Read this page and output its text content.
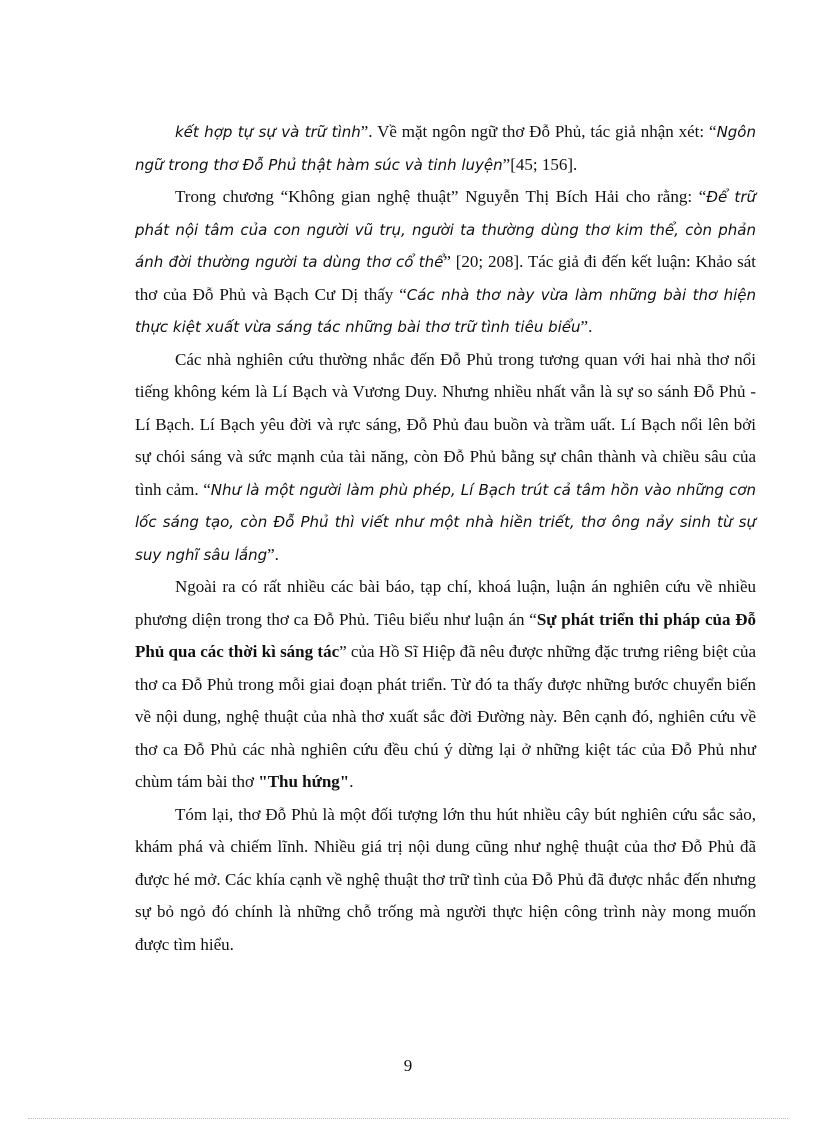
kết hợp tự sự và trữ tình”. Về mặt ngôn ngữ thơ Đỗ Phủ, tác giả nhận xét: “Ngôn ngữ trong thơ Đỗ Phủ thật hàm súc và tinh luyện”[45; 156].

Trong chương “Không gian nghệ thuật” Nguyễn Thị Bích Hải cho rằng: “Để trữ phát nội tâm của con người vũ trụ, người ta thường dùng thơ kim thể, còn phản ánh đời thường người ta dùng thơ cổ thể” [20; 208]. Tác giả đi đến kết luận: Khảo sát thơ của Đỗ Phủ và Bạch Cư Dị thấy “Các nhà thơ này vừa làm những bài thơ hiện thực kiệt xuất vừa sáng tác những bài thơ trữ tình tiêu biểu”.

Các nhà nghiên cứu thường nhắc đến Đỗ Phủ trong tương quan với hai nhà thơ nổi tiếng không kém là Lí Bạch và Vương Duy. Nhưng nhiều nhất vẫn là sự so sánh Đỗ Phủ - Lí Bạch. Lí Bạch yêu đời và rực sáng, Đỗ Phủ đau buồn và trầm uất. Lí Bạch nổi lên bởi sự chói sáng và sức mạnh của tài năng, còn Đỗ Phủ bằng sự chân thành và chiều sâu của tình cảm. “Như là một người làm phù phép, Lí Bạch trút cả tâm hồn vào những cơn lốc sáng tạo, còn Đỗ Phủ thì viết như một nhà hiền triết, thơ ông nảy sinh từ sự suy nghĩ sâu lắng”.

Ngoài ra có rất nhiều các bài báo, tạp chí, khoá luận, luận án nghiên cứu về nhiều phương diện trong thơ ca Đỗ Phủ. Tiêu biểu như luận án “Sự phát triển thi pháp của Đỗ Phủ qua các thời kì sáng tác” của Hồ Sĩ Hiệp đã nêu được những đặc trưng riêng biệt của thơ ca Đỗ Phủ trong mỗi giai đoạn phát triển. Từ đó ta thấy được những bước chuyển biến về nội dung, nghệ thuật của nhà thơ xuất sắc đời Đường này. Bên cạnh đó, nghiên cứu về thơ ca Đỗ Phủ các nhà nghiên cứu đều chú ý dừng lại ở những kiệt tác của Đỗ Phủ như chùm tám bài thơ "Thu hứng".

Tóm lại, thơ Đỗ Phủ là một đối tượng lớn thu hút nhiều cây bút nghiên cứu sắc sảo, khám phá và chiếm lĩnh. Nhiều giá trị nội dung cũng như nghệ thuật của thơ Đỗ Phủ đã được hé mở. Các khía cạnh về nghệ thuật thơ trữ tình của Đỗ Phủ đã được nhắc đến nhưng sự bỏ ngỏ đó chính là những chỗ trống mà người thực hiện công trình này mong muốn được tìm hiểu.

9
